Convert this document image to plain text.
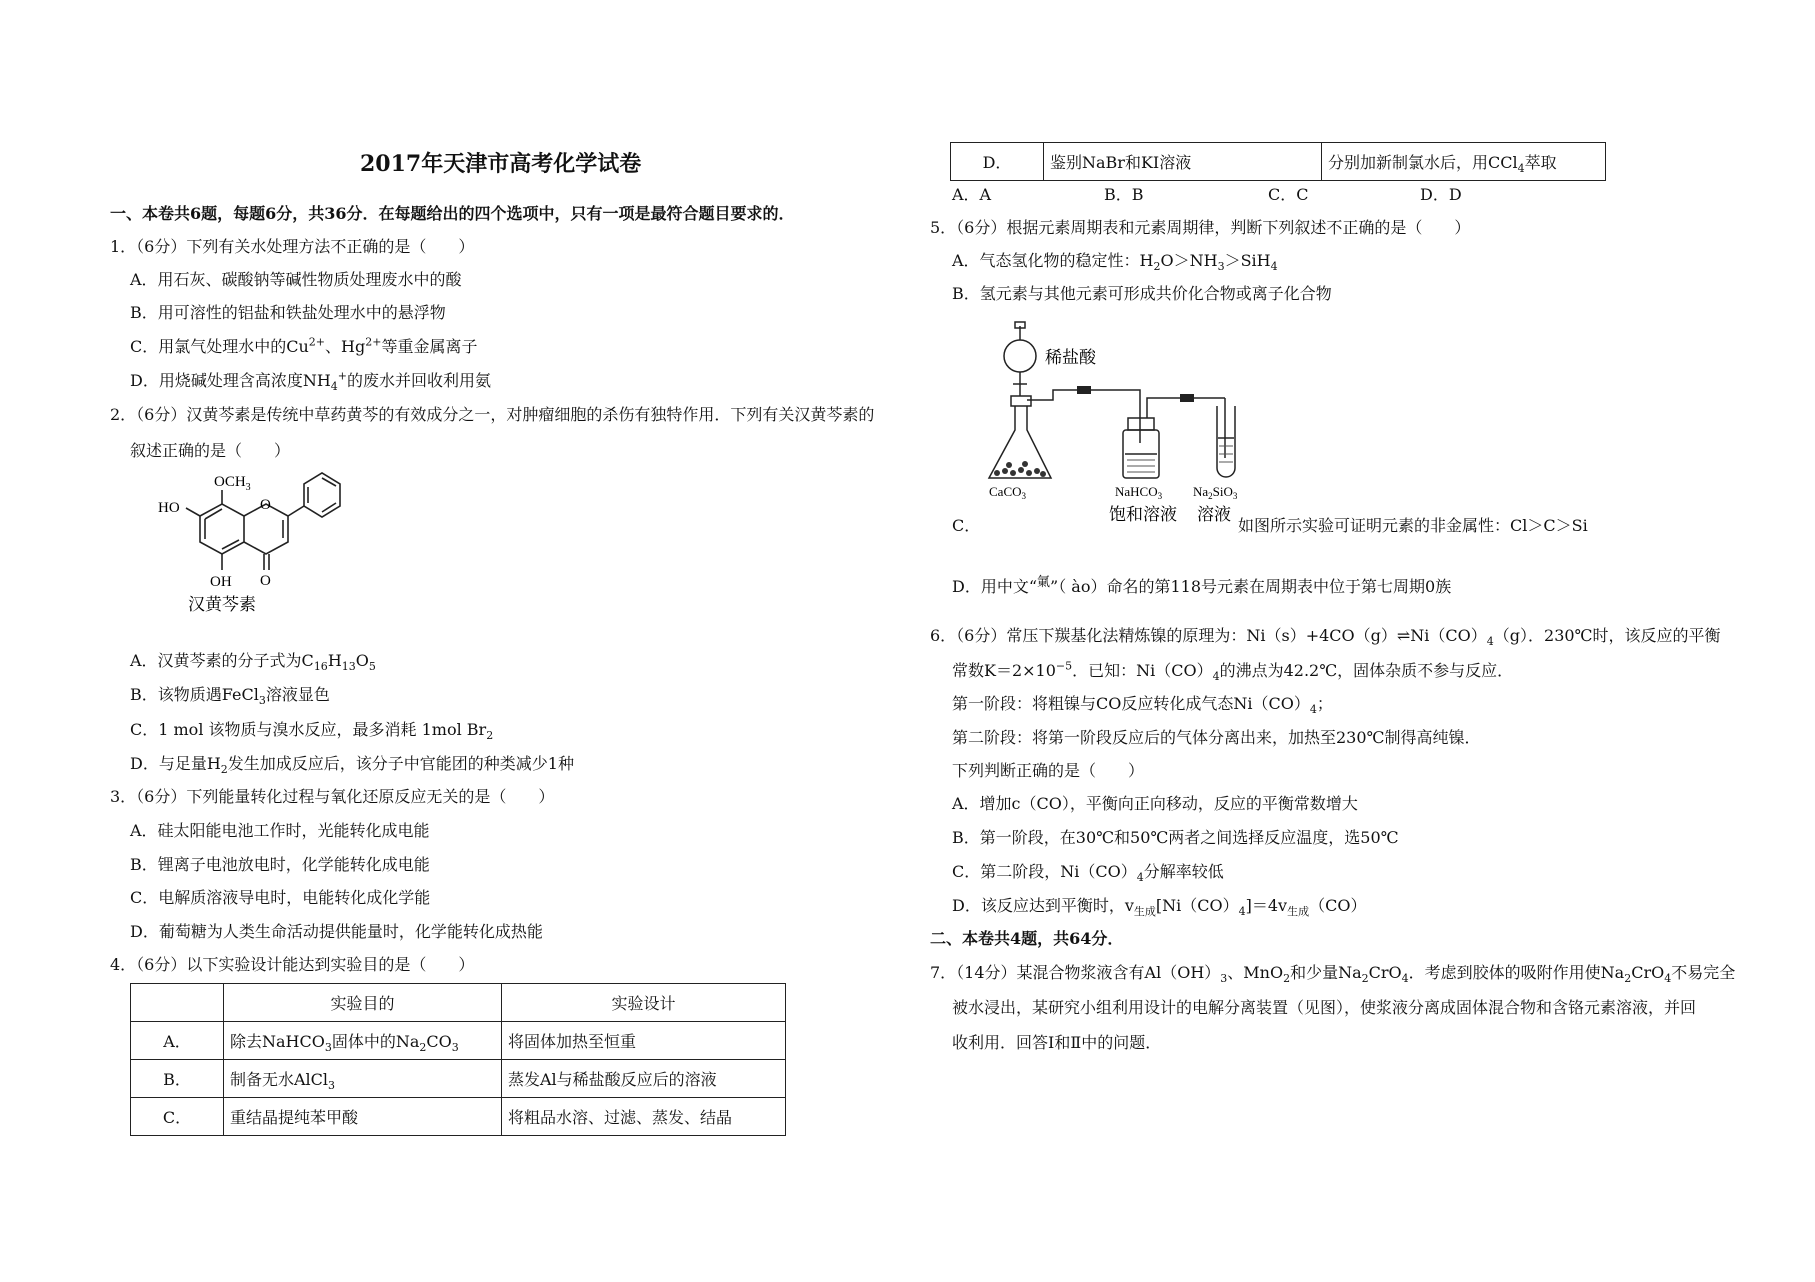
2017年天津市高考化学试卷
一、本卷共6题，每题6分，共36分．在每题给出的四个选项中，只有一项是最符合题目要求的．
1．（6分）下列有关水处理方法不正确的是（　　）
A．用石灰、碳酸钠等碱性物质处理废水中的酸
B．用可溶性的铝盐和铁盐处理水中的悬浮物
C．用氯气处理水中的$Cu^{2+}$、$Hg^{2+}$等重金属离子
D．用烧碱处理含高浓度$NH_4^+$的废水并回收利用氨
2．（6分）汉黄芩素是传统中草药黄芩的有效成分之一，对肿瘤细胞的杀伤有独特作用．下列有关汉黄芩素的
叙述正确的是（　　）
$OCH_3$
HO	O
OH O
汉黄芩素
A．汉黄芩素的分子式为$C_{16}H_{13}O_5$
B．该物质遇FeCl$_3$溶液显色
C．1 mol 该物质与溴水反应，最多消耗 1mol $Br_2$
D．与足量$H_2$发生加成反应后，该分子中官能团的种类减少1种
3．（6分）下列能量转化过程与氧化还原反应无关的是（　　）
A．硅太阳能电池工作时，光能转化成电能
B．锂离子电池放电时，化学能转化成电能
C．电解质溶液导电时，电能转化成化学能
D．葡萄糖为人类生命活动提供能量时，化学能转化成热能
4．（6分）以下实验设计能达到实验目的是（　　）
	实验目的	实验设计
A．	除去NaHCO$_3$固体中的$Na_2CO_3$	将固体加热至恒重
B．	制备无水AlCl$_3$	蒸发Al与稀盐酸反应后的溶液
C．	重结晶提纯苯甲酸	将粗品水溶、过滤、蒸发、结晶
D．	鉴别NaBr和KI溶液	分别加新制氯水后，用CCl$_4$萃取
A．A	B．B	C．C	D．D
5．（6分）根据元素周期表和元素周期律，判断下列叙述不正确的是（　　）
A．气态氢化物的稳定性：$H_2O>NH_3>SiH_4$
B．氢元素与其他元素可形成共价化合物或离子化合物
稀盐酸
CaCO$_3$	NaHCO$_3$
饱和溶液
$Na_2SiO_3$
溶液
C．	如图所示实验可证明元素的非金属性：Cl＞C＞Si
D．用中文“$^氭$”（ ào）命名的第118号元素在周期表中位于第七周期0族
6．（6分）常压下羰基化法精炼镍的原理为：$Ni(s)+4CO(g)\rightleftharpoons Ni(CO)_4(g)$．230℃时，该反应的平衡
常数$K=2\times 10^{-5}$．已知：$Ni(CO)_4$的沸点为42.2℃，固体杂质不参与反应．
第一阶段：将粗镍与CO反应转化成气态$Ni(CO)_4$；
第二阶段：将第一阶段反应后的气体分离出来，加热至230℃制得高纯镍．
下列判断正确的是（　　）
A．增加c（CO），平衡向正向移动，反应的平衡常数增大
B．第一阶段，在30℃和50℃两者之间选择反应温度，选50℃
C．第二阶段，$Ni(CO)_4$分解率较低
D．该反应达到平衡时，$v_{生成}[Ni(CO)_4]=4v_{生成}(CO)$
二、本卷共4题，共64分．
7．（14分）某混合物浆液含有$Al(OH)_3$、MnO$_2$和少量$Na_2CrO_4$．考虑到胶体的吸附作用使$Na_2CrO_4$不易完全
被水浸出，某研究小组利用设计的电解分离装置（见图），使浆液分离成固体混合物和含铬元素溶液，并回
收利用．回答Ⅰ和Ⅱ中的问题．
